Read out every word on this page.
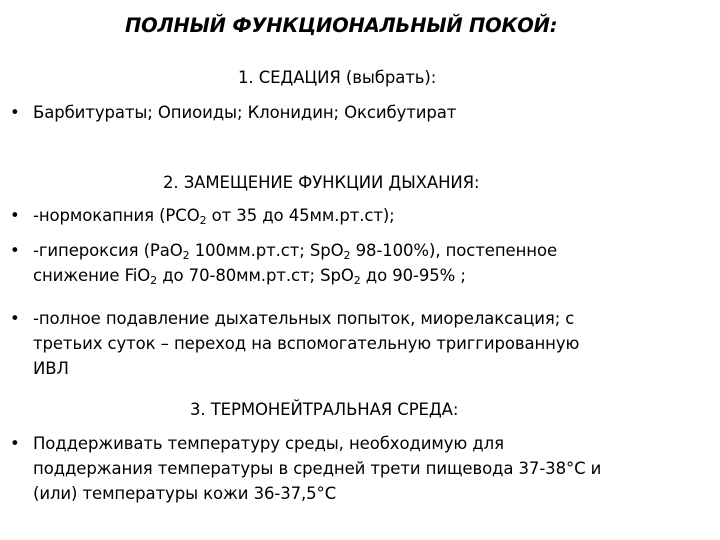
ПОЛНЫЙ ФУНКЦИОНАЛЬНЫЙ ПОКОЙ:
1. СЕДАЦИЯ (выбрать):
• Барбитураты; Опиоиды; Клонидин; Оксибутират
2. ЗАМЕЩЕНИЕ ФУНКЦИИ ДЫХАНИЯ:
• -нормокапния ($РСО_2$ от 35 до 45мм.рт.ст);
• -гипероксия (РаО$_2$ 100мм.рт.ст; SpO$_2$ 98-100%), постепенное
снижение FiO$_2$ до 70-80мм.рт.ст; SpO$_2$ до 90-95% ;
• -полное подавление дыхательных попыток, миорелаксация; с
третьих суток – переход на вспомогательную триггированную
ИВЛ
3. ТЕРМОНЕЙТРАЛЬНАЯ СРЕДА:
• Поддерживать температуру среды, необходимую для
поддержания температуры в средней трети пищевода 37-38°С и
(или) температуры кожи 36-37,5°С
